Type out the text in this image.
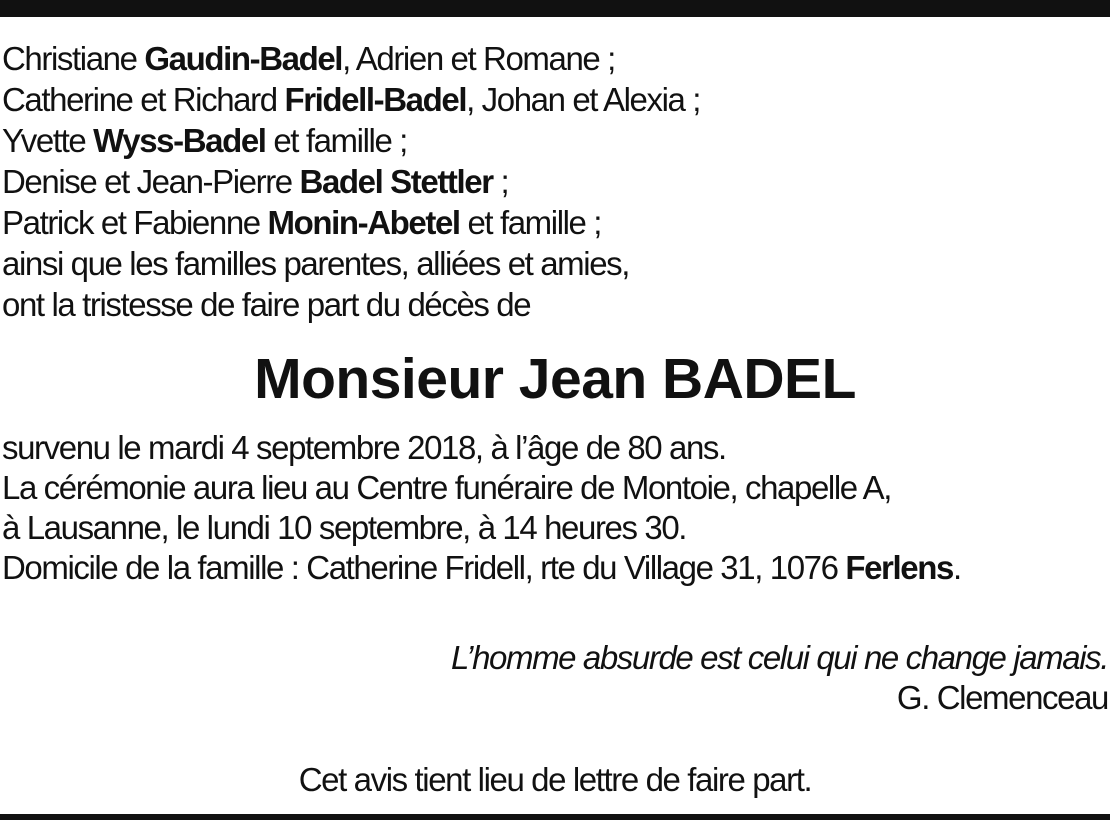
Christiane Gaudin-Badel, Adrien et Romane ;
Catherine et Richard Fridell-Badel, Johan et Alexia ;
Yvette Wyss-Badel et famille ;
Denise et Jean-Pierre Badel Stettler ;
Patrick et Fabienne Monin-Abetel et famille ;
ainsi que les familles parentes, alliées et amies,
ont la tristesse de faire part du décès de
Monsieur Jean BADEL
survenu le mardi 4 septembre 2018, à l’âge de 80 ans.
La cérémonie aura lieu au Centre funéraire de Montoie, chapelle A,
à Lausanne, le lundi 10 septembre, à 14 heures 30.
Domicile de la famille : Catherine Fridell, rte du Village 31, 1076 Ferlens.
L’homme absurde est celui qui ne change jamais.
G. Clemenceau
Cet avis tient lieu de lettre de faire part.
